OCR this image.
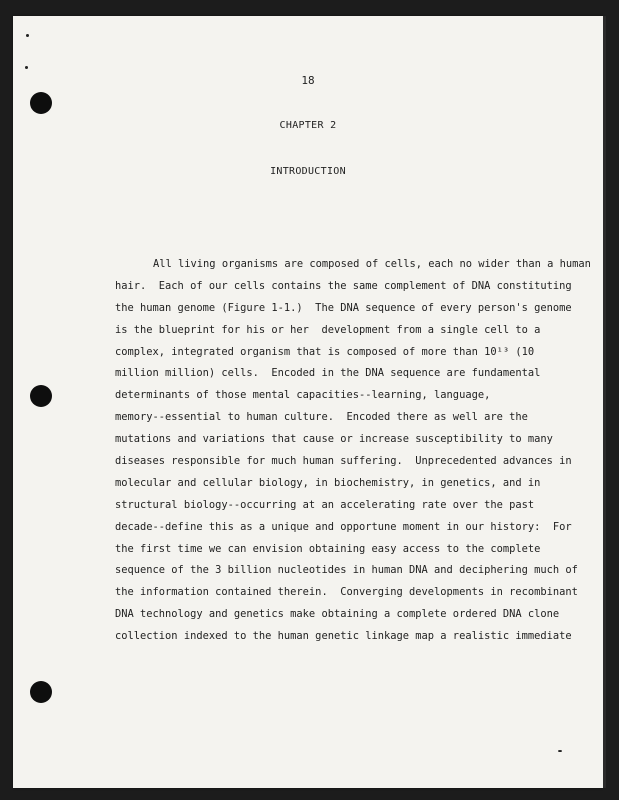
18
CHAPTER 2
INTRODUCTION
All living organisms are composed of cells, each no wider than a human
hair.  Each of our cells contains the same complement of DNA constituting
the human genome (Figure 1-1.)  The DNA sequence of every person's genome
is the blueprint for his or her  development from a single cell to a
complex, integrated organism that is composed of more than 10¹³ (10
million million) cells.  Encoded in the DNA sequence are fundamental
determinants of those mental capacities--learning, language,
memory--essential to human culture.  Encoded there as well are the
mutations and variations that cause or increase susceptibility to many
diseases responsible for much human suffering.  Unprecedented advances in
molecular and cellular biology, in biochemistry, in genetics, and in
structural biology--occurring at an accelerating rate over the past
decade--define this as a unique and opportune moment in our history:  For
the first time we can envision obtaining easy access to the complete
sequence of the 3 billion nucleotides in human DNA and deciphering much of
the information contained therein.  Converging developments in recombinant
DNA technology and genetics make obtaining a complete ordered DNA clone
collection indexed to the human genetic linkage map a realistic immediate
